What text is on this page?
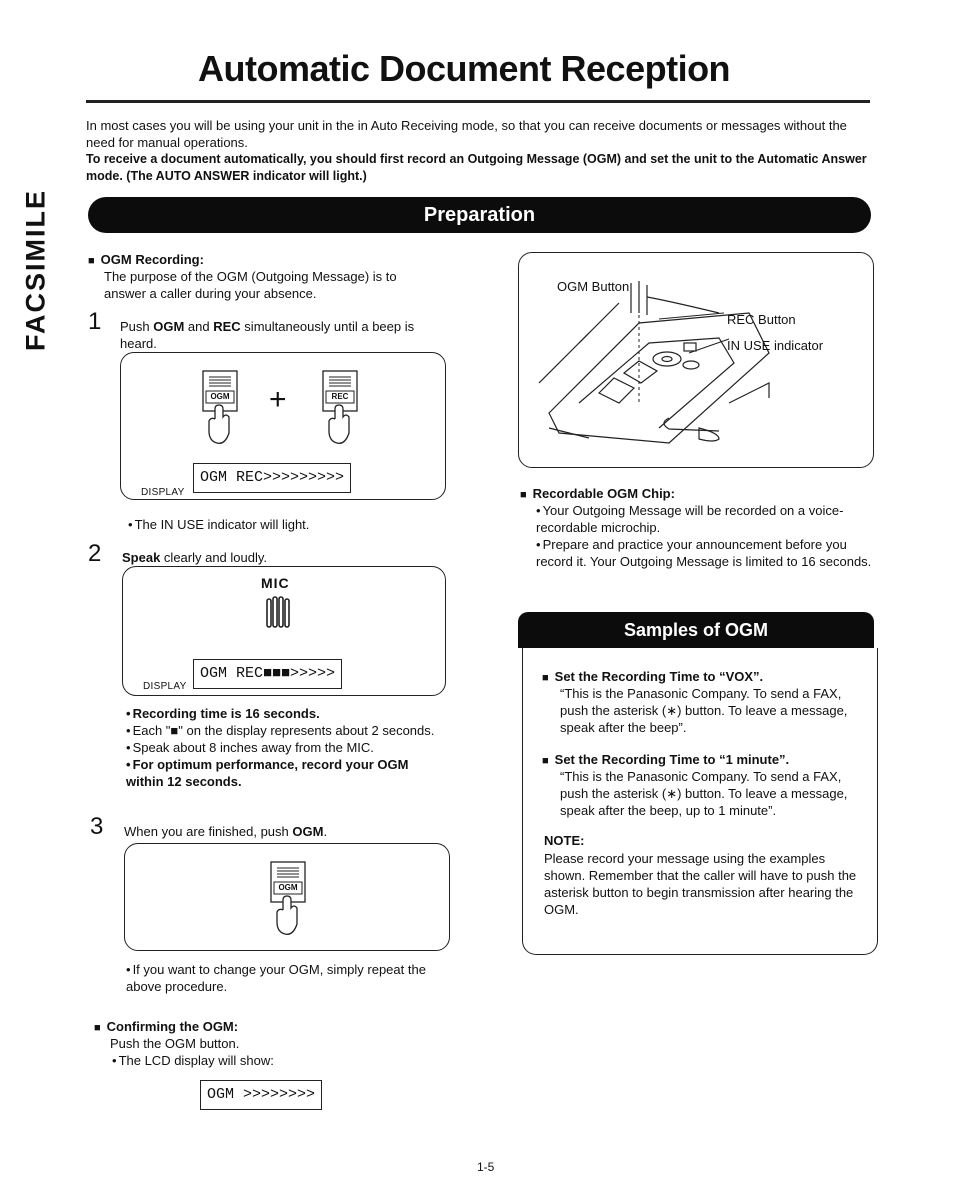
Automatic Document Reception
FACSIMILE
In most cases you will be using your unit in the in Auto Receiving mode, so that you can receive documents or messages without the need for manual operations.
To receive a document automatically, you should first record an Outgoing Message (OGM) and set the unit to the Automatic Answer mode. (The AUTO ANSWER indicator will light.)
Preparation
■ OGM Recording:
The purpose of the OGM (Outgoing Message) is to answer a caller during your absence.
1 Push OGM and REC simultaneously until a beep is heard.
OGM +	REC
DISPLAY
OGM REC>>>>>>>>>
• The IN USE indicator will light.
2 Speak clearly and loudly.
MIC
DISPLAY
OGM REC■■■>>>>>
• Recording time is 16 seconds.
• Each "■" on the display represents about 2 seconds.
• Speak about 8 inches away from the MIC.
• For optimum performance, record your OGM within 12 seconds.
3 When you are finished, push OGM.
OGM
• If you want to change your OGM, simply repeat the above procedure.
■ Confirming the OGM:
Push the OGM button.
• The LCD display will show:
OGM >>>>>>>>
OGM Button
REC Button
IN USE indicator
■ Recordable OGM Chip:
• Your Outgoing Message will be recorded on a voice-recordable microchip.
• Prepare and practice your announcement before you record it. Your Outgoing Message is limited to 16 seconds.
Samples of OGM
■ Set the Recording Time to “VOX”.
“This is the Panasonic Company. To send a FAX, push the asterisk (∗) button. To leave a message, speak after the beep”.
■ Set the Recording Time to “1 minute”.
“This is the Panasonic Company. To send a FAX, push the asterisk (∗) button. To leave a message, speak after the beep, up to 1 minute”.
NOTE:
Please record your message using the examples shown. Remember that the caller will have to push the asterisk button to begin transmission after hearing the OGM.
1-5
